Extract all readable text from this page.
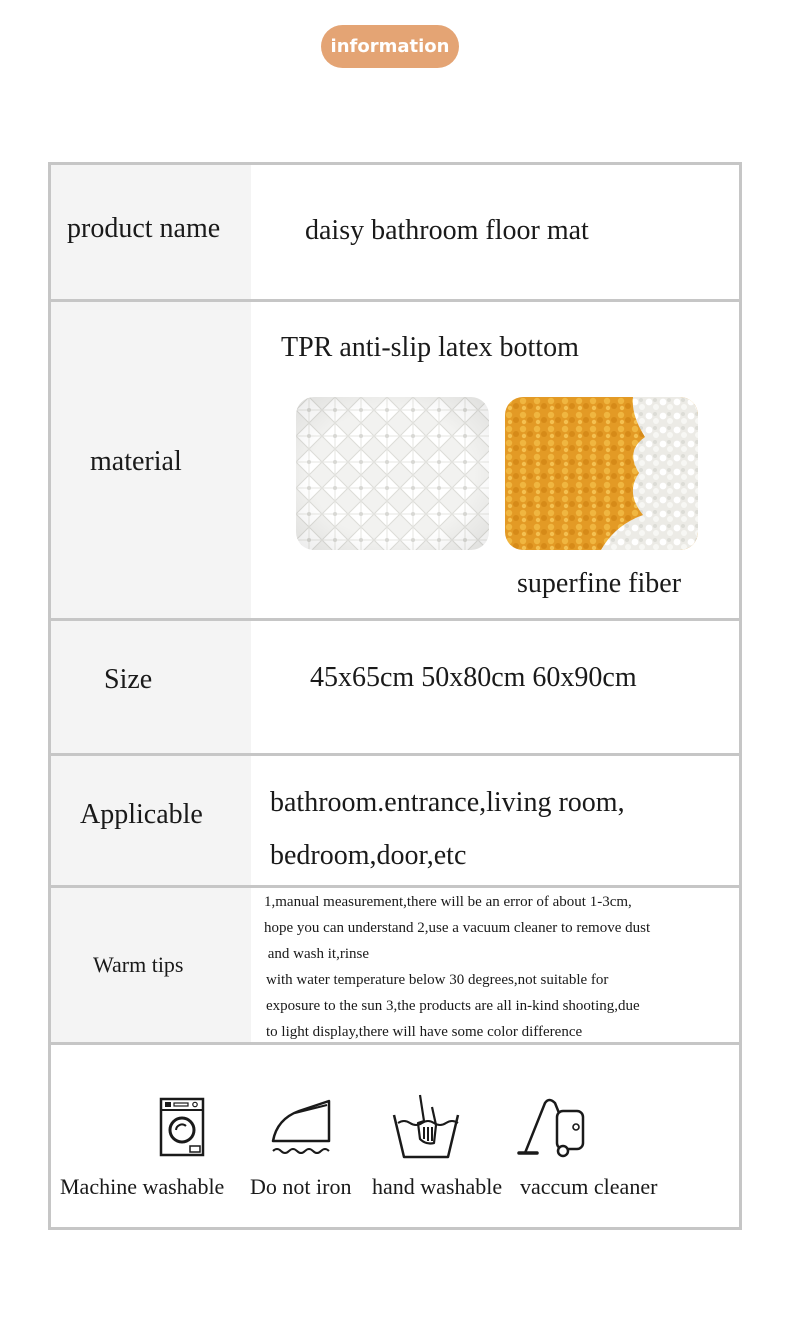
information
product name	daisy bathroom floor mat
material
TPR anti-slip latex bottom
superfine fiber
Size	45x65cm 50x80cm 60x90cm
Applicable bathroom.entrance,living room,
bedroom,door,etc
Warm tips
1,manual measurement,there will be an error of about 1-3cm,
hope you can understand 2,use a vacuum cleaner to remove dust
and wash it,rinse
with water temperature below 30 degrees,not suitable for
exposure to the sun 3,the products are all in-kind shooting,due
to light display,there will have some color difference
Machine washable Do not iron hand washable vaccum cleaner
